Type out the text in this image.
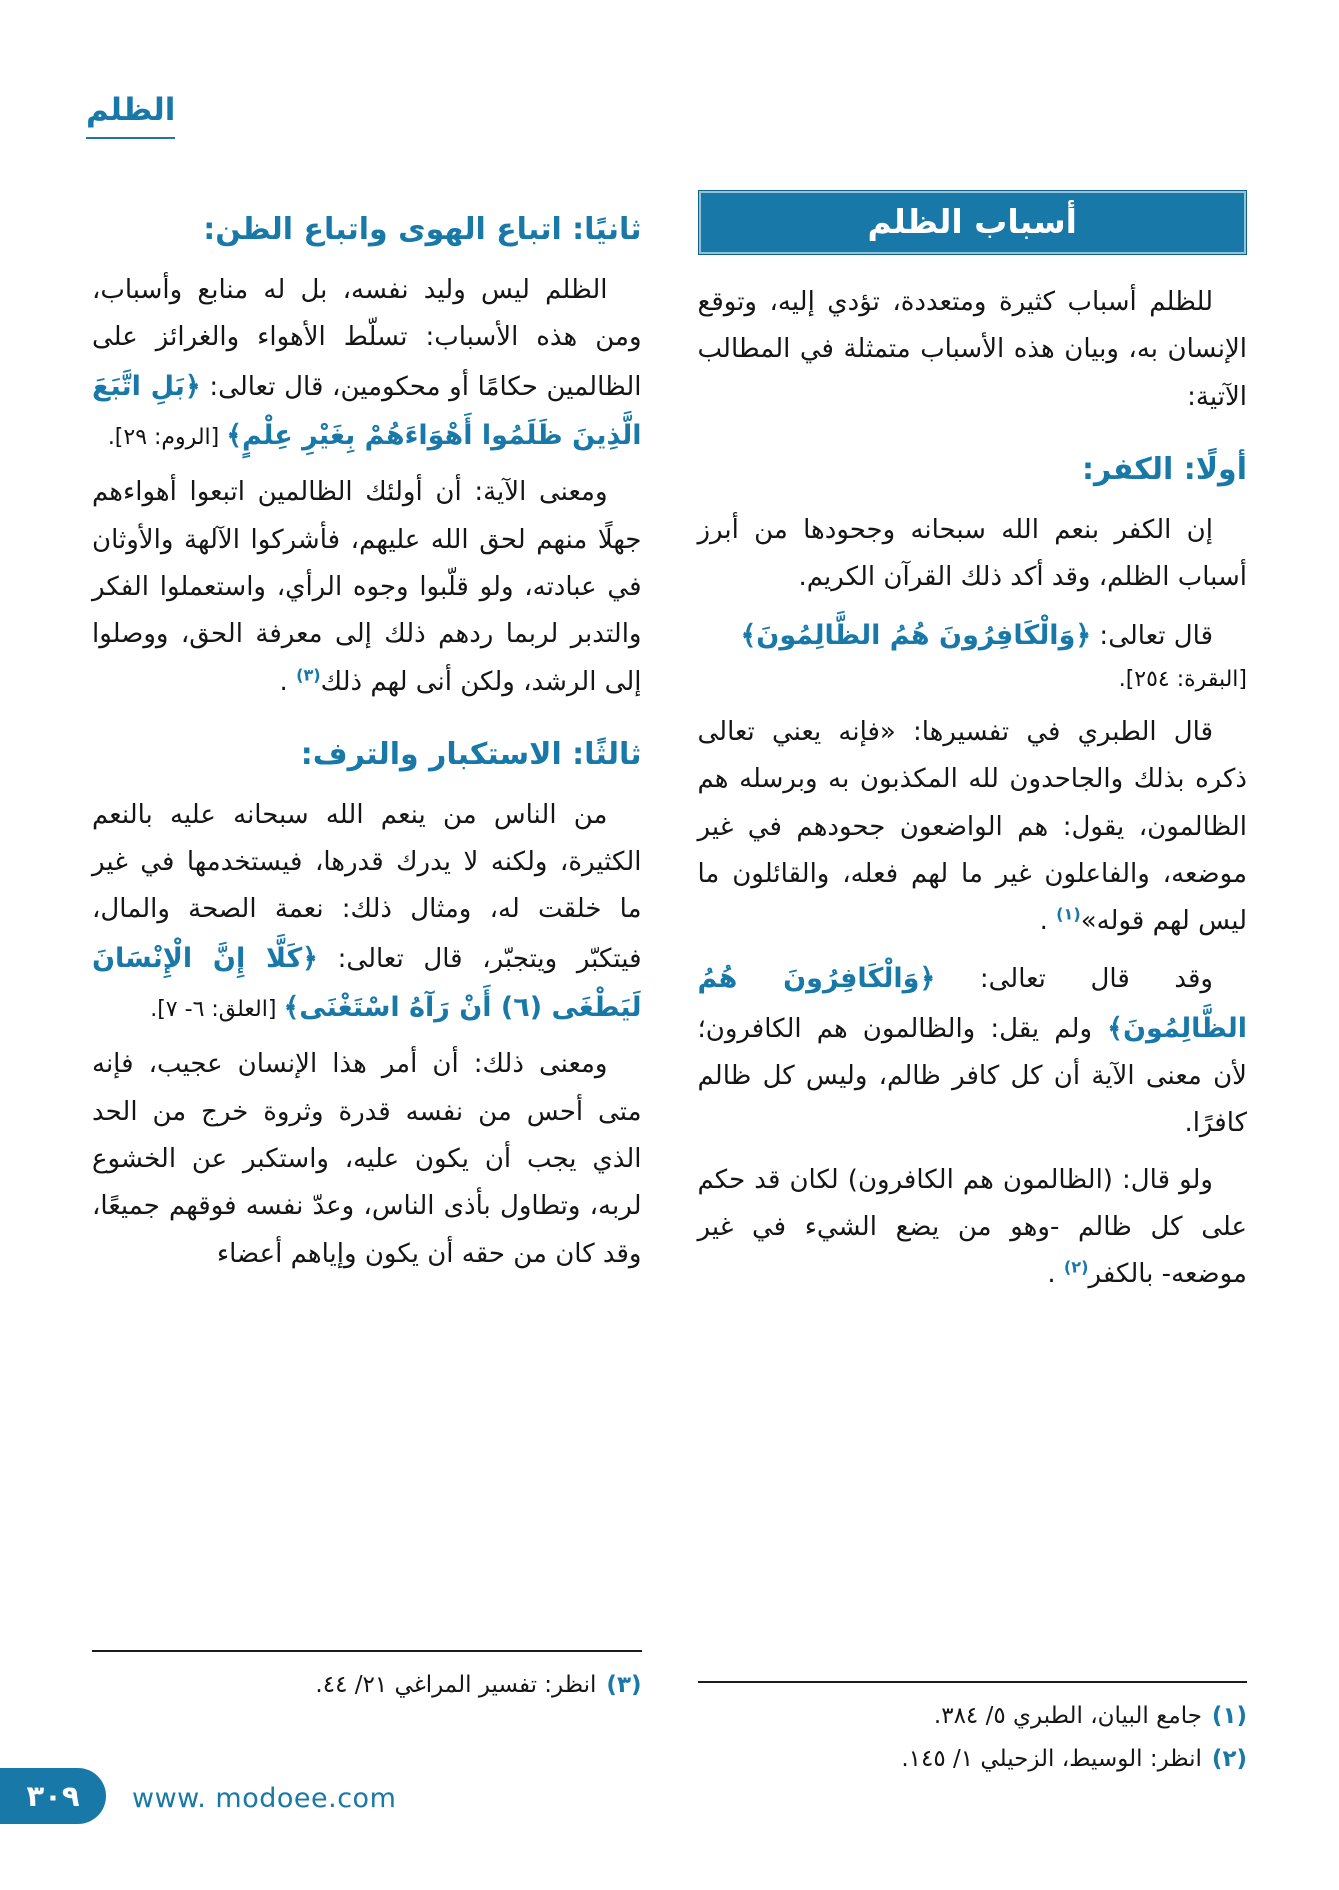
الظلم
أسباب الظلم

للظلم أسباب كثيرة ومتعددة، تؤدي إليه، وتوقع الإنسان به، وبيان هذه الأسباب متمثلة في المطالب الآتية:

أولًا: الكفر:

إن الكفر بنعم الله سبحانه وجحودها من أبرز أسباب الظلم، وقد أكد ذلك القرآن الكريم.

قال تعالى: ﴿وَالْكَافِرُونَ هُمُ الظَّالِمُونَ﴾
[البقرة: ٢٥٤].

قال الطبري في تفسيرها: «فإنه يعني تعالى ذكره بذلك والجاحدون لله المكذبون به وبرسله هم الظالمون، يقول: هم الواضعون جحودهم في غير موضعه، والفاعلون غير ما لهم فعله، والقائلون ما ليس لهم قوله»$^{(١)}$ .

وقد قال تعالى: ﴿وَالْكَافِرُونَ هُمُ الظَّالِمُونَ﴾ ولم يقل: والظالمون هم الكافرون؛ لأن معنى الآية أن كل كافر ظالم، وليس كل ظالم كافرًا.

ولو قال: (الظالمون هم الكافرون) لكان قد حكم على كل ظالم -وهو من يضع الشيء في غير موضعه- بالكفر$^{(٢)}$ .

(١)
جامع البيان، الطبري ٥/ ٣٨٤.
(٢)
انظر: الوسيط، الزحيلي ١/ ١٤٥.
ثانيًا: اتباع الهوى واتباع الظن:

الظلم ليس وليد نفسه، بل له منابع وأسباب، ومن هذه الأسباب: تسلّط الأهواء والغرائز على الظالمين حكامًا أو محكومين، قال تعالى: ﴿بَلِ اتَّبَعَ الَّذِينَ ظَلَمُوا أَهْوَاءَهُمْ بِغَيْرِ عِلْمٍ﴾ [الروم: ٢٩].

ومعنى الآية: أن أولئك الظالمين اتبعوا أهواءهم جهلًا منهم لحق الله عليهم، فأشركوا الآلهة والأوثان في عبادته، ولو قلّبوا وجوه الرأي، واستعملوا الفكر والتدبر لربما ردهم ذلك إلى معرفة الحق، ووصلوا إلى الرشد، ولكن أنى لهم ذلك$^{(٣)}$ .

ثالثًا: الاستكبار والترف:

من الناس من ينعم الله سبحانه عليه بالنعم الكثيرة، ولكنه لا يدرك قدرها، فيستخدمها في غير ما خلقت له، ومثال ذلك: نعمة الصحة والمال، فيتكبّر ويتجبّر، قال تعالى: ﴿كَلَّا إِنَّ الْإِنْسَانَ لَيَطْغَى (٦) أَنْ رَآهُ اسْتَغْنَى﴾ [العلق: ٦- ٧].

ومعنى ذلك: أن أمر هذا الإنسان عجيب، فإنه متى أحس من نفسه قدرة وثروة خرج من الحد الذي يجب أن يكون عليه، واستكبر عن الخشوع لربه، وتطاول بأذى الناس، وعدّ نفسه فوقهم جميعًا، وقد كان من حقه أن يكون وإياهم أعضاء

(٣)
انظر: تفسير المراغي ٢١/ ٤٤.
٣٠٩ www. modoee.com
